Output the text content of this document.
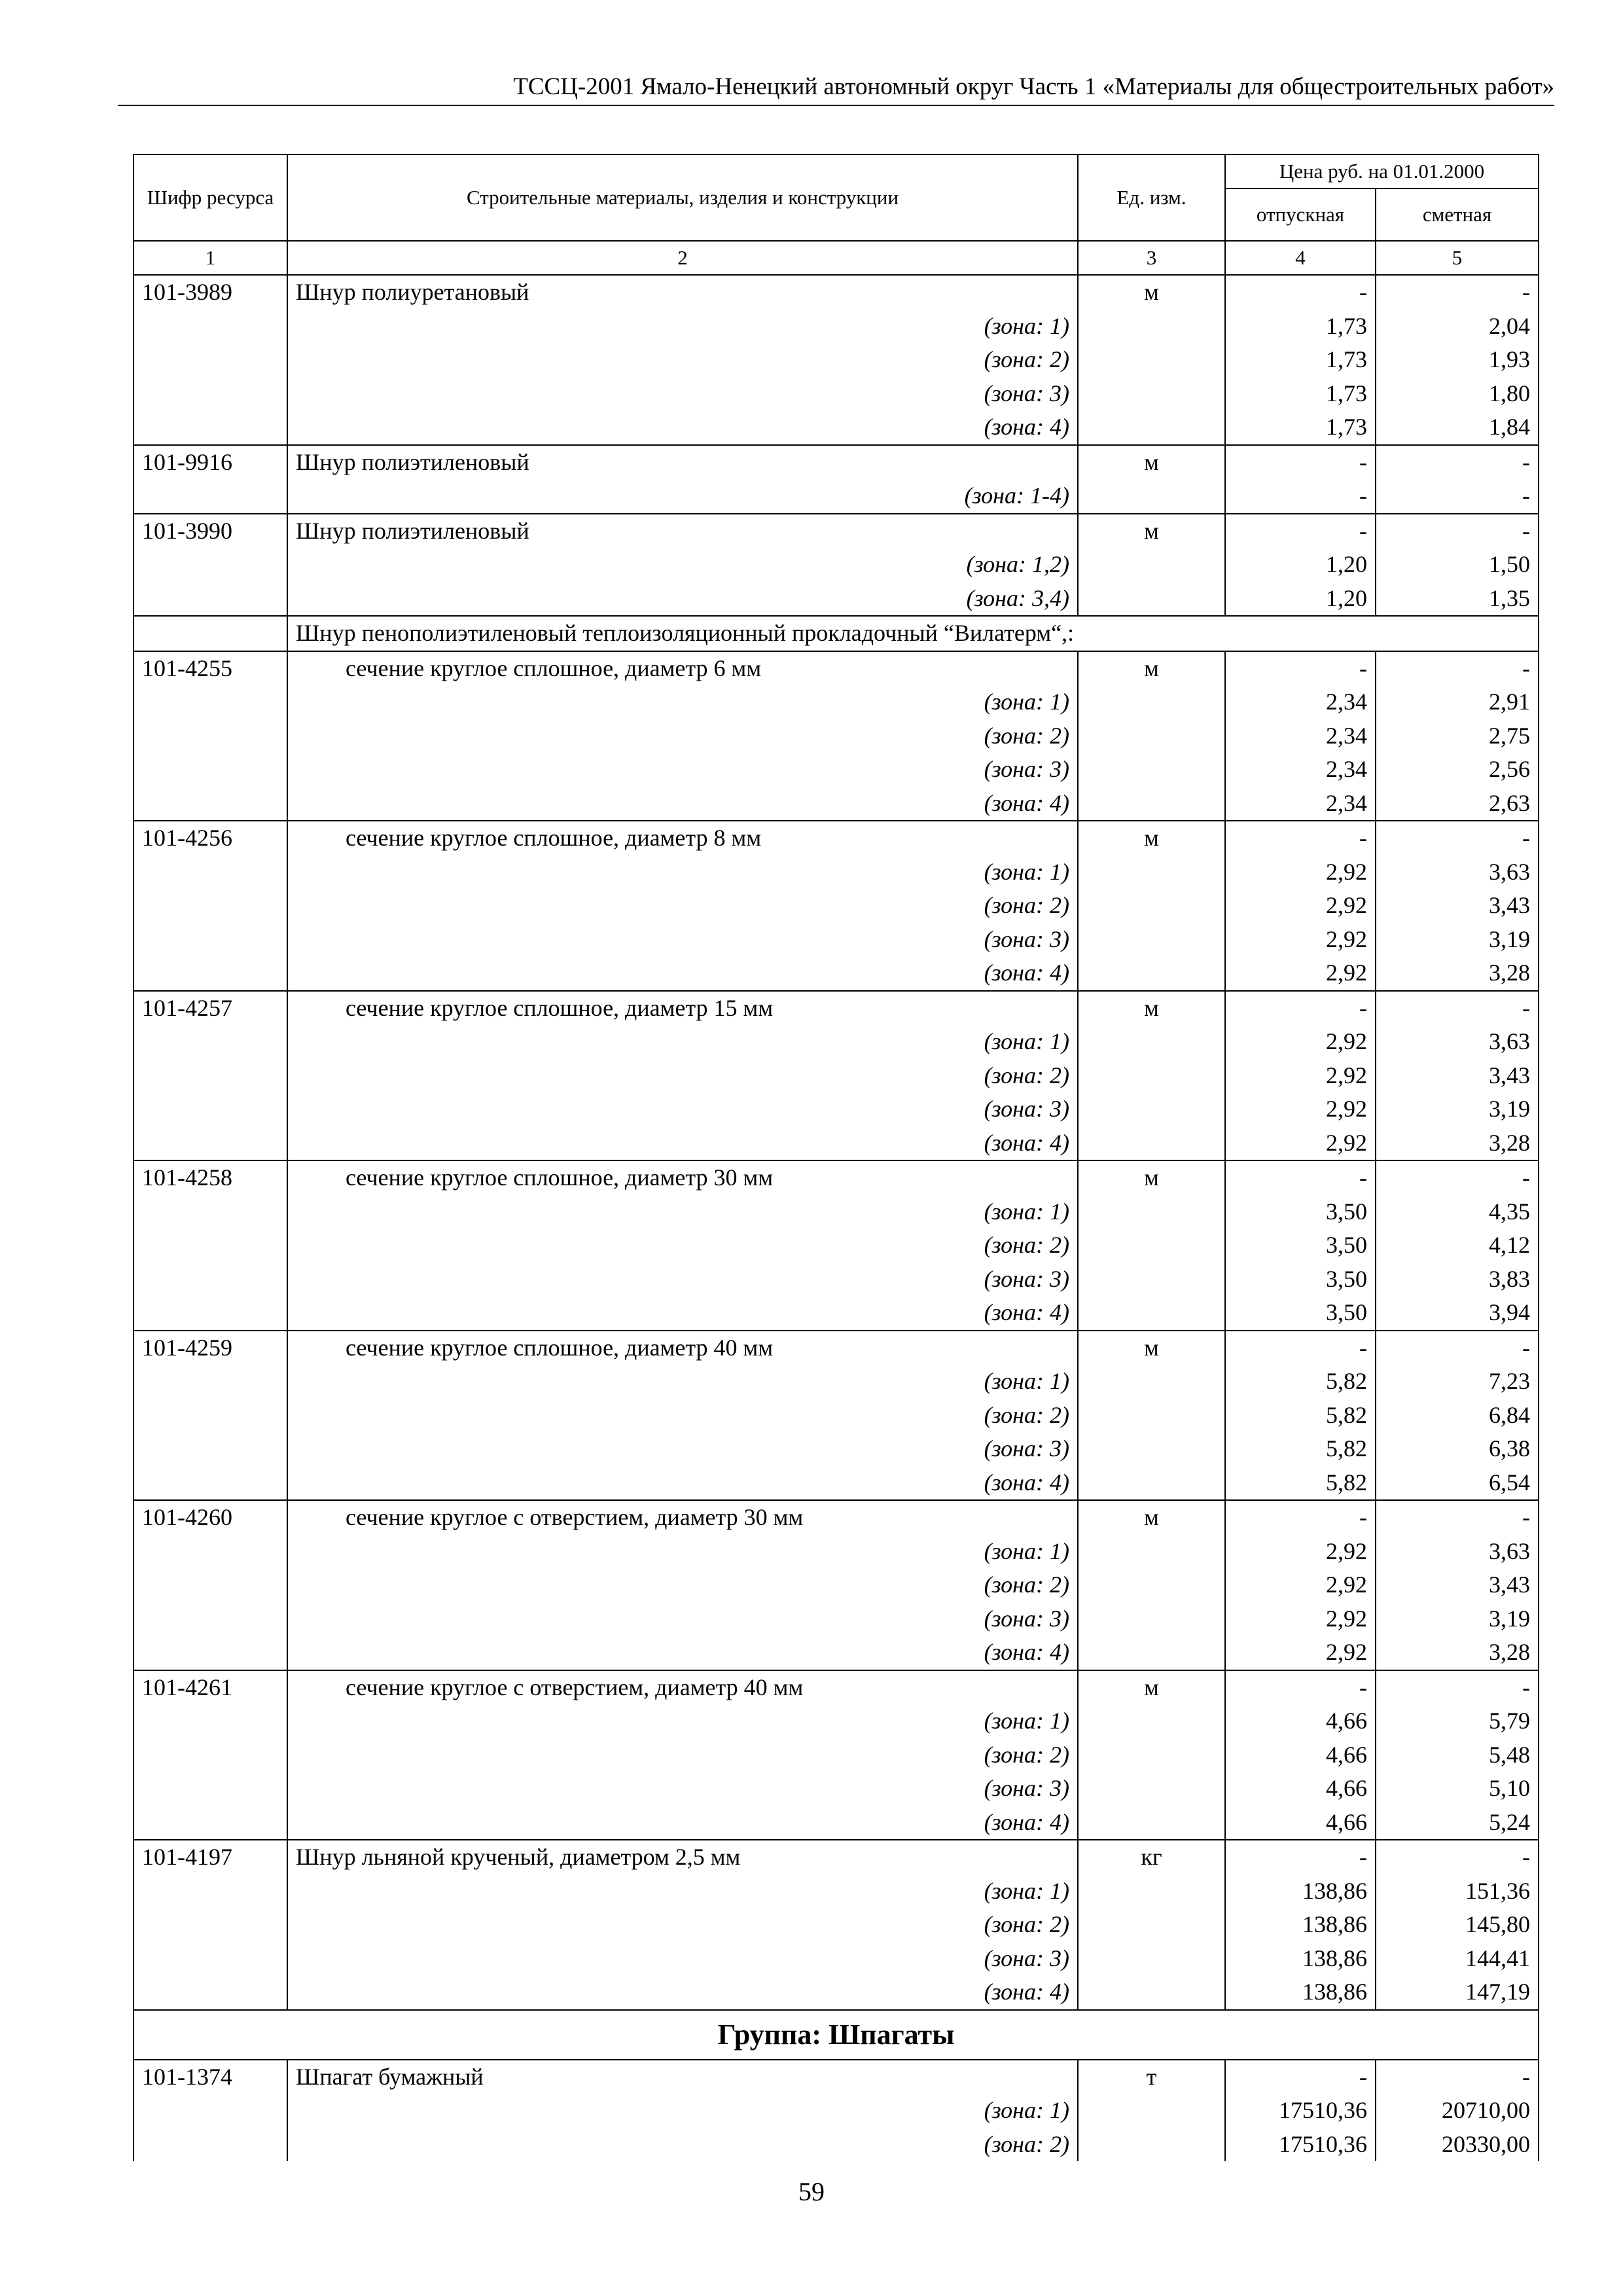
ТССЦ-2001 Ямало-Ненецкий автономный округ Часть 1 «Материалы для общестроительных работ»
Шифр ресурса	Строительные материалы, изделия и конструкции	Ед. изм.	Цена руб. на 01.01.2000	
			отпускная	сметная
1	2	3	4	5
101-3989	Шнур полиуретановый	м	-	-
	(зона: 1)		1,73	2,04
	(зона: 2)		1,73	1,93
	(зона: 3)		1,73	1,80
	(зона: 4)		1,73	1,84
101-9916	Шнур полиэтиленовый	м	-	-
	(зона: 1-4)		-	-
101-3990	Шнур полиэтиленовый	м	-	-
	(зона: 1,2)		1,20	1,50
	(зона: 3,4)		1,20	1,35
	Шнур пенополиэтиленовый теплоизоляционный прокладочный “Вилатерм“,:			
101-4255	сечение круглое сплошное, диаметр 6 мм	м	-	-
	(зона: 1)		2,34	2,91
	(зона: 2)		2,34	2,75
	(зона: 3)		2,34	2,56
	(зона: 4)		2,34	2,63
101-4256	сечение круглое сплошное, диаметр 8 мм	м	-	-
	(зона: 1)		2,92	3,63
	(зона: 2)		2,92	3,43
	(зона: 3)		2,92	3,19
	(зона: 4)		2,92	3,28
101-4257	сечение круглое сплошное, диаметр 15 мм	м	-	-
	(зона: 1)		2,92	3,63
	(зона: 2)		2,92	3,43
	(зона: 3)		2,92	3,19
	(зона: 4)		2,92	3,28
101-4258	сечение круглое сплошное, диаметр 30 мм	м	-	-
	(зона: 1)		3,50	4,35
	(зона: 2)		3,50	4,12
	(зона: 3)		3,50	3,83
	(зона: 4)		3,50	3,94
101-4259	сечение круглое сплошное, диаметр 40 мм	м	-	-
	(зона: 1)		5,82	7,23
	(зона: 2)		5,82	6,84
	(зона: 3)		5,82	6,38
	(зона: 4)		5,82	6,54
101-4260	сечение круглое с отверстием, диаметр 30 мм	м	-	-
	(зона: 1)		2,92	3,63
	(зона: 2)		2,92	3,43
	(зона: 3)		2,92	3,19
	(зона: 4)		2,92	3,28
101-4261	сечение круглое с отверстием, диаметр 40 мм	м	-	-
	(зона: 1)		4,66	5,79
	(зона: 2)		4,66	5,48
	(зона: 3)		4,66	5,10
	(зона: 4)		4,66	5,24
101-4197	Шнур льняной крученый, диаметром 2,5 мм	кг	-	-
	(зона: 1)		138,86	151,36
	(зона: 2)		138,86	145,80
	(зона: 3)		138,86	144,41
	(зона: 4)		138,86	147,19
Группа: Шпагаты				
101-1374	Шпагат бумажный	т	-	-
	(зона: 1)		17510,36	20710,00
	(зона: 2)		17510,36	20330,00
59
